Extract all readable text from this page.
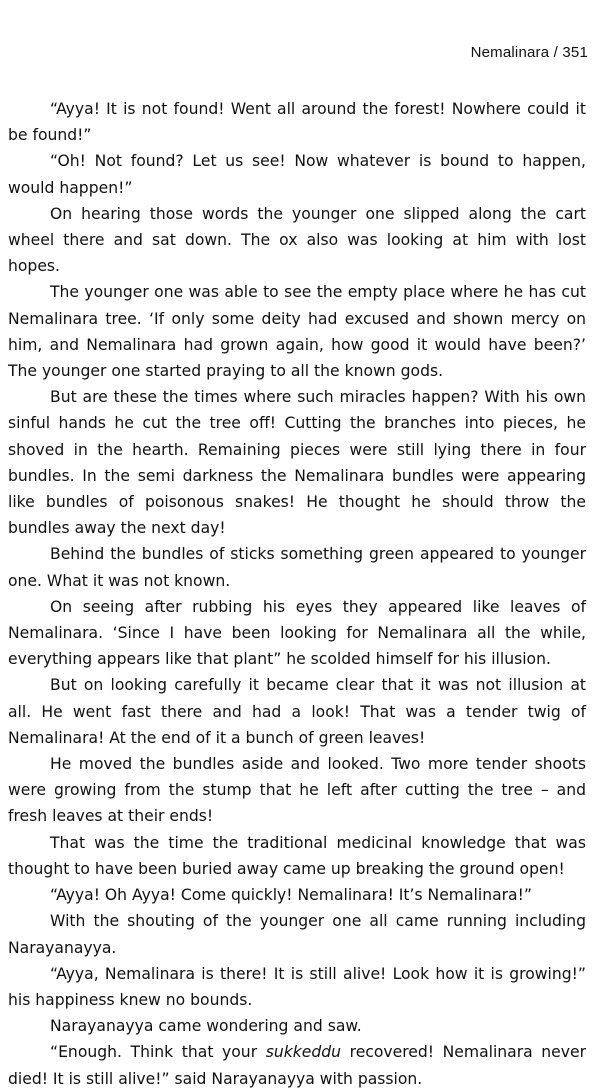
Nemalinara / 351

“Ayya! It is not found! Went all around the forest! Nowhere could it be found!”

“Oh! Not found? Let us see! Now whatever is bound to happen, would happen!”

On hearing those words the younger one slipped along the cart wheel there and sat down. The ox also was looking at him with lost hopes.

The younger one was able to see the empty place where he has cut Nemalinara tree. ‘If only some deity had excused and shown mercy on him, and Nemalinara had grown again, how good it would have been?’ The younger one started praying to all the known gods.

But are these the times where such miracles happen? With his own sinful hands he cut the tree off! Cutting the branches into pieces, he shoved in the hearth. Remaining pieces were still lying there in four bundles. In the semi darkness the Nemalinara bundles were appearing like bundles of poisonous snakes! He thought he should throw the bundles away the next day!

Behind the bundles of sticks something green appeared to younger one. What it was not known.

On seeing after rubbing his eyes they appeared like leaves of Nemalinara. ‘Since I have been looking for Nemalinara all the while, everything appears like that plant” he scolded himself for his illusion.

But on looking carefully it became clear that it was not illusion at all. He went fast there and had a look! That was a tender twig of Nemalinara! At the end of it a bunch of green leaves!

He moved the bundles aside and looked. Two more tender shoots were growing from the stump that he left after cutting the tree – and fresh leaves at their ends!

That was the time the traditional medicinal knowledge that was thought to have been buried away came up breaking the ground open!

“Ayya! Oh Ayya! Come quickly! Nemalinara! It’s Nemalinara!”

With the shouting of the younger one all came running including Narayanayya.

“Ayya, Nemalinara is there! It is still alive! Look how it is growing!” his happiness knew no bounds.

Narayanayya came wondering and saw.

“Enough. Think that your sukkeddu recovered! Nemalinara never died! It is still alive!” said Narayanayya with passion.
